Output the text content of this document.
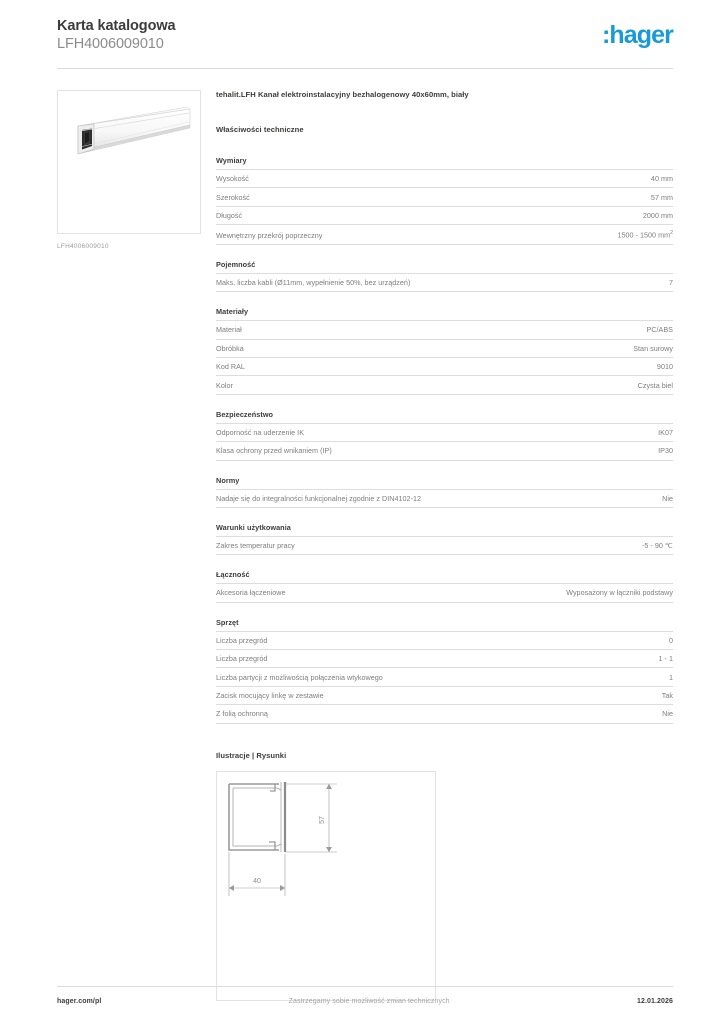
Karta katalogowa
LFH4006009010	:hager
LFH4006009010
tehalit.LFH Kanał elektroinstalacyjny bezhalogenowy 40x60mm, biały
Właściwości techniczne
Wymiary
Wysokość	40 mm
Szerokość	57 mm
Długość	2000 mm
Wewnętrzny przekrój poprzeczny	1500 - 1500 $mm^2$
Pojemność
Maks. liczba kabli (Ø11mm, wypełnienie 50%, bez urządzeń)	7
Materiały
Materiał	PC/ABS
Obróbka	Stan surowy
Kod RAL	9010
Kolor	Czysta biel
Bezpieczeństwo
Odporność na uderzenie IK	IK07
Klasa ochrony przed wnikaniem (IP)	IP30
Normy
Nadaje się do integralności funkcjonalnej zgodnie z DIN4102-12	Nie
Warunki użytkowania
Zakres temperatur pracy	-5 - 90 ℃
Łączność
Akcesoria łączeniowe	Wyposażony w łączniki podstawy
Sprzęt
Liczba przegród	0
Liczba przegród	1 - 1
Liczba partycji z możliwością połączenia wtykowego	1
Zacisk mocujący linkę w zestawie	Tak
Z folią ochronną	Nie
Ilustracje | Rysunki
57
40
hager.com/pl	Zastrzegamy sobie możliwość zmian technicznych	12.01.2026
